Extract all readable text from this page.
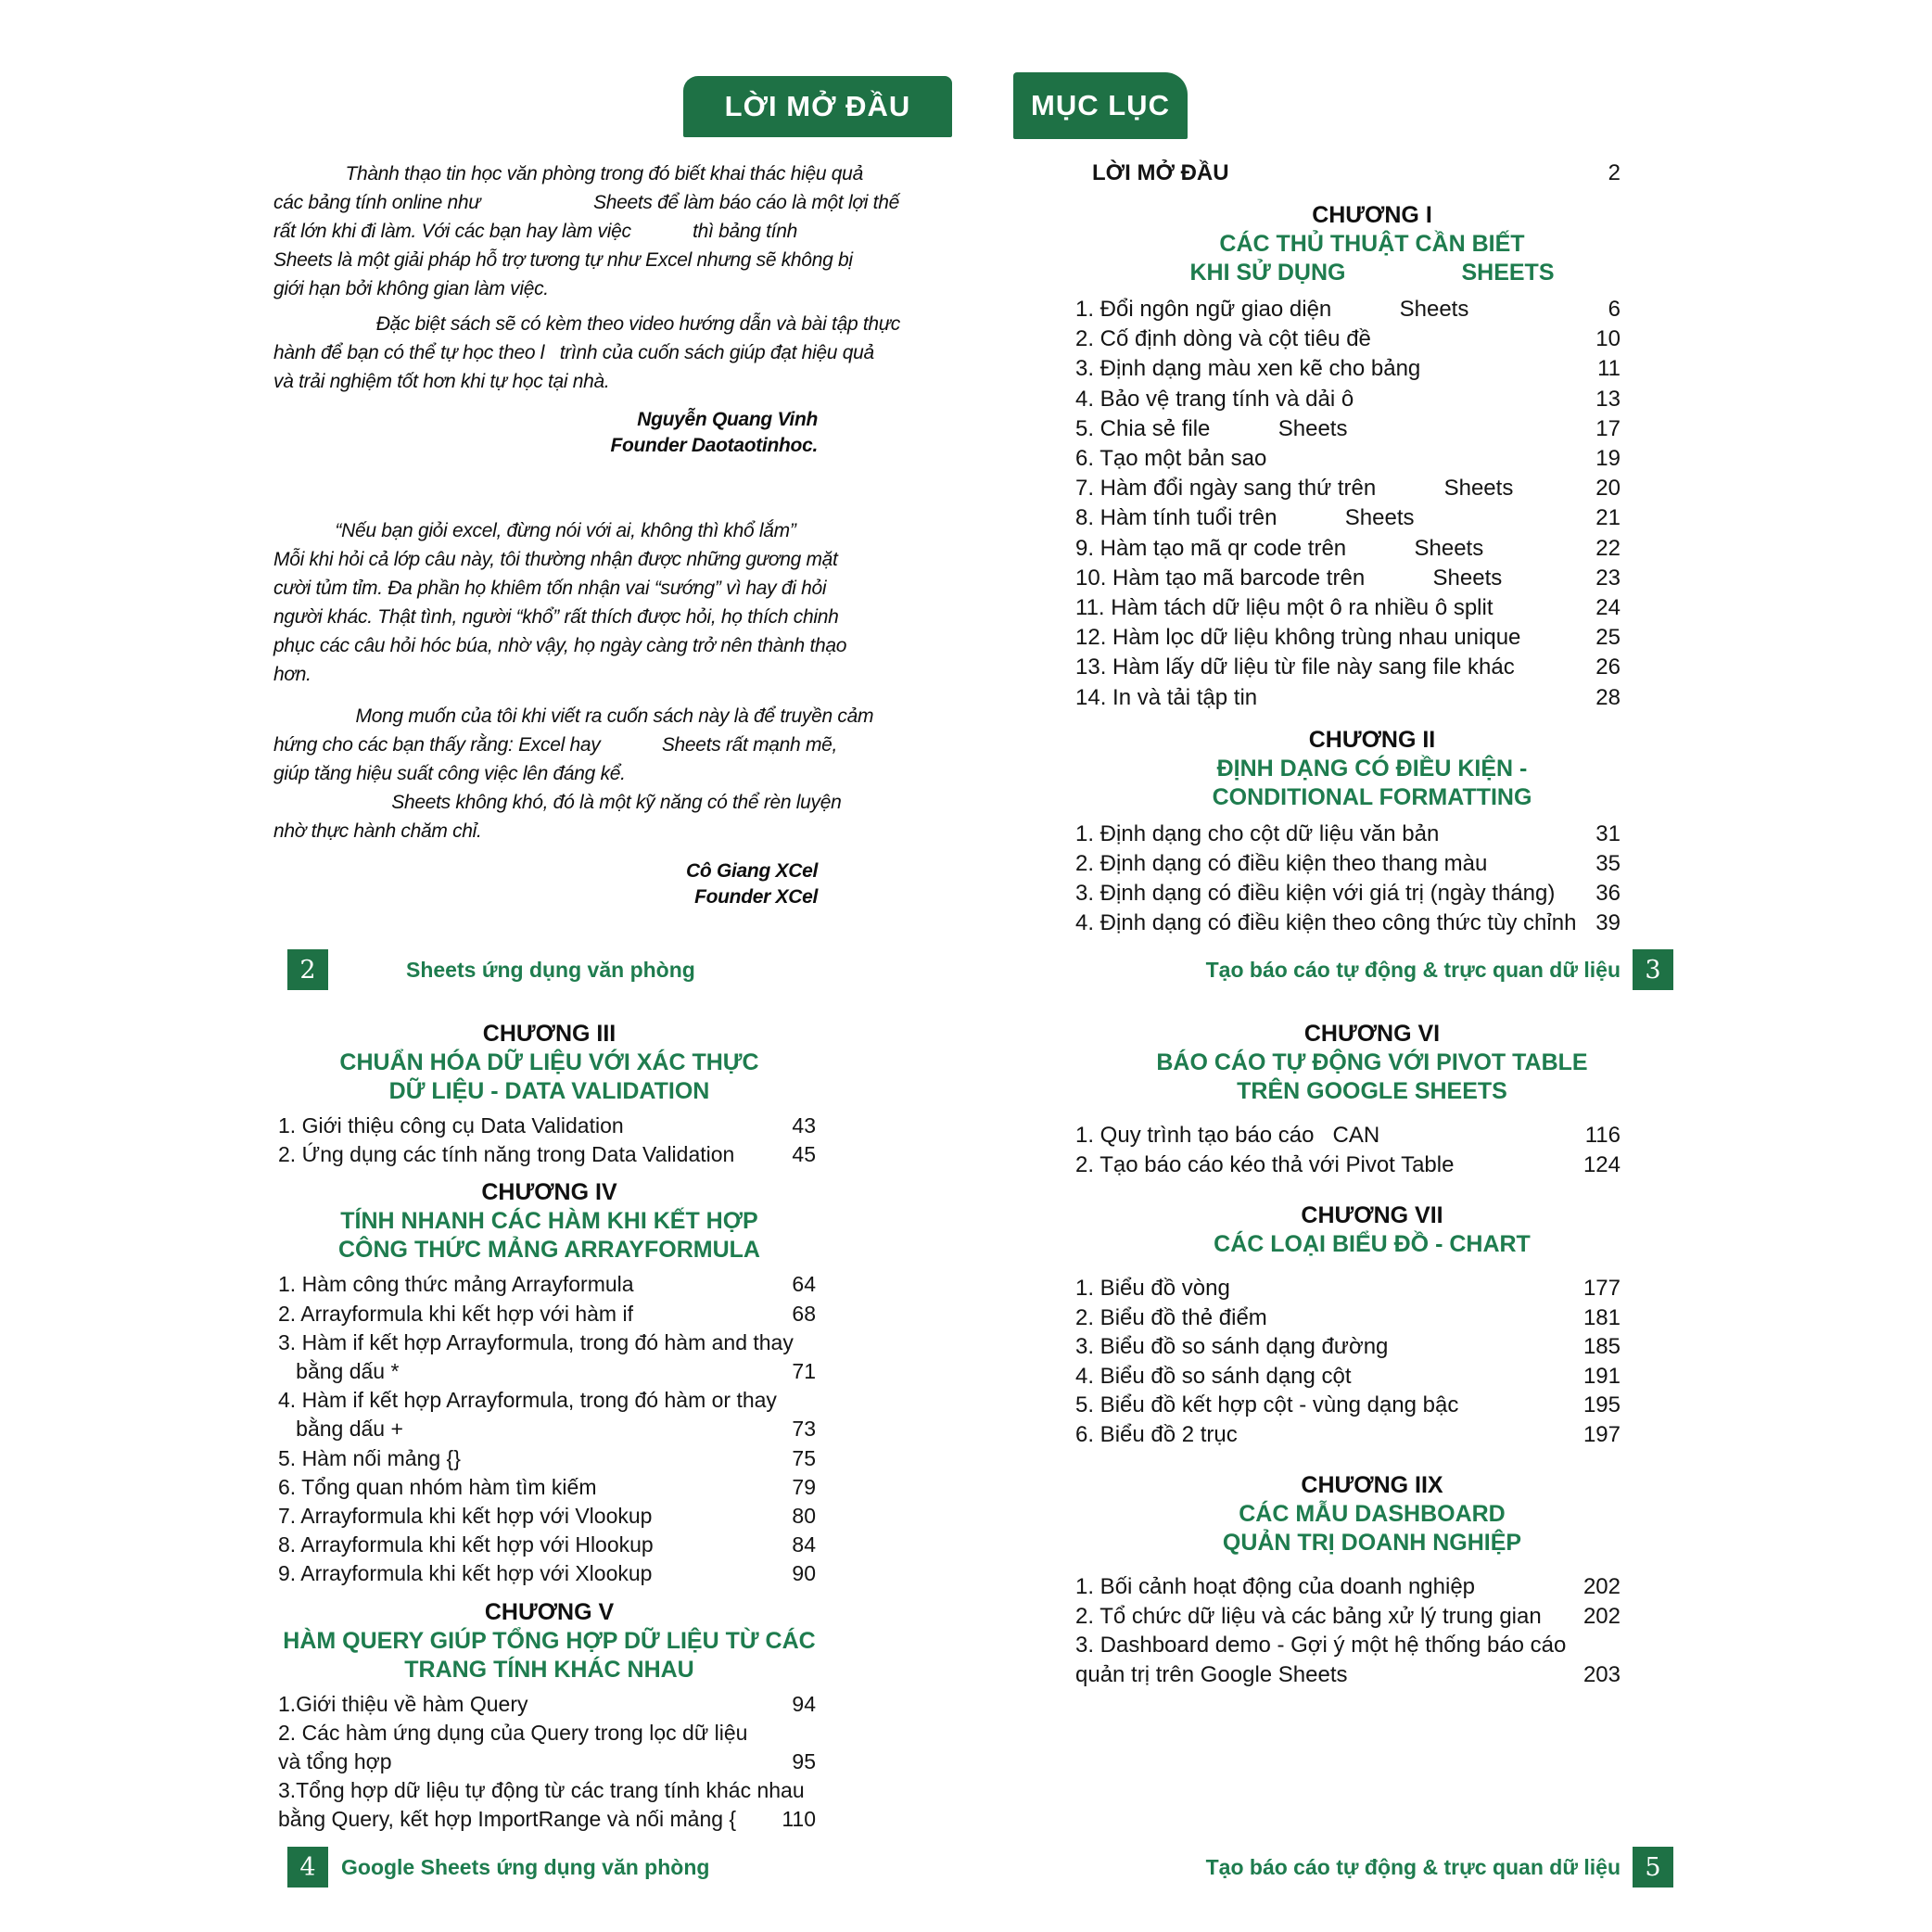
LỜI MỞ ĐẦU	MỤC LỤC
Thành thạo tin học văn phòng trong đó biết khai thác hiệu quả
các bảng tính online như                      Sheets để làm báo cáo là một lợi thế
rất lớn khi đi làm. Với các bạn hay làm việc            thì bảng tính
Sheets là một giải pháp hỗ trợ tương tự như Excel nhưng sẽ không bị
giới hạn bởi không gian làm việc.
Đặc biệt sách sẽ có kèm theo video hướng dẫn và bài tập thực
hành để bạn có thể tự học theo l   trình của cuốn sách giúp đạt hiệu quả
và trải nghiệm tốt hơn khi tự học tại nhà.
Nguyễn Quang Vinh
Founder Daotaotinhoc.
“Nếu bạn giỏi excel, đừng nói với ai, không thì khổ lắm”
Mỗi khi hỏi cả lớp câu này, tôi thường nhận được những gương mặt
cười tủm tỉm. Đa phần họ khiêm tốn nhận vai “sướng” vì hay đi hỏi
người khác. Thật tình, người “khổ” rất thích được hỏi, họ thích chinh
phục các câu hỏi hóc búa, nhờ vậy, họ ngày càng trở nên thành thạo
hơn.
Mong muốn của tôi khi viết ra cuốn sách này là để truyền cảm
hứng cho các bạn thấy rằng: Excel hay            Sheets rất mạnh mẽ,
giúp tăng hiệu suất công việc lên đáng kể.
Sheets không khó, đó là một kỹ năng có thể rèn luyện
nhờ thực hành chăm chỉ.
Cô Giang XCel
Founder XCel
LỜI MỞ ĐẦU	2
CHƯƠNG I
CÁC THỦ THUẬT CẦN BIẾT
KHI SỬ DỤNG                  SHEETS
1. Đổi ngôn ngữ giao diện           Sheets	6
2. Cố định dòng và cột tiêu đề	10
3. Định dạng màu xen kẽ cho bảng	11
4. Bảo vệ trang tính và dải ô	13
5. Chia sẻ file           Sheets	17
6. Tạo một bản sao	19
7. Hàm đổi ngày sang thứ trên           Sheets	20
8. Hàm tính tuổi trên           Sheets	21
9. Hàm tạo mã qr code trên           Sheets	22
10. Hàm tạo mã barcode trên           Sheets	23
11. Hàm tách dữ liệu một ô ra nhiều ô split	24
12. Hàm lọc dữ liệu không trùng nhau unique	25
13. Hàm lấy dữ liệu từ file này sang file khác	26
14. In và tải tập tin	28
CHƯƠNG II
ĐỊNH DẠNG CÓ ĐIỀU KIỆN -
CONDITIONAL FORMATTING
1. Định dạng cho cột dữ liệu văn bản	31
2. Định dạng có điều kiện theo thang màu	35
3. Định dạng có điều kiện với giá trị (ngày tháng)	36
4. Định dạng có điều kiện theo công thức tùy chỉnh 39
CHƯƠNG III
CHUẨN HÓA DỮ LIỆU VỚI XÁC THỰC
DỮ LIỆU - DATA VALIDATION
1. Giới thiệu công cụ Data Validation	43
2. Ứng dụng các tính năng trong Data Validation	45
CHƯƠNG IV
TÍNH NHANH CÁC HÀM KHI KẾT HỢP
CÔNG THỨC MẢNG ARRAYFORMULA
1. Hàm công thức mảng Arrayformula	64
2. Arrayformula khi kết hợp với hàm if	68
3. Hàm if kết hợp Arrayformula, trong đó hàm and thay
bằng dấu *	71
4. Hàm if kết hợp Arrayformula, trong đó hàm or thay
bằng dấu +	73
5. Hàm nối mảng {}	75
6. Tổng quan nhóm hàm tìm kiếm	79
7. Arrayformula khi kết hợp với Vlookup	80
8. Arrayformula khi kết hợp với Hlookup	84
9. Arrayformula khi kết hợp với Xlookup	90
CHƯƠNG V
HÀM QUERY GIÚP TỔNG HỢP DỮ LIỆU TỪ CÁC
TRANG TÍNH KHÁC NHAU
1.Giới thiệu về hàm Query	94
2. Các hàm ứng dụng của Query trong lọc dữ liệu
và tổng hợp	95
3.Tổng hợp dữ liệu tự động từ các trang tính khác nhau
bằng Query, kết hợp ImportRange và nối mảng {	110
CHƯƠNG VI
BÁO CÁO TỰ ĐỘNG VỚI PIVOT TABLE
TRÊN GOOGLE SHEETS
1. Quy trình tạo báo cáo   CAN	116
2. Tạo báo cáo kéo thả với Pivot Table	124
CHƯƠNG VII
CÁC LOẠI BIỂU ĐỒ - CHART
1. Biểu đồ vòng	177
2. Biểu đồ thẻ điểm	181
3. Biểu đồ so sánh dạng đường	185
4. Biểu đồ so sánh dạng cột	191
5. Biểu đồ kết hợp cột - vùng dạng bậc	195
6. Biểu đồ 2 trục	197
CHƯƠNG IIX
CÁC MẪU DASHBOARD
QUẢN TRỊ DOANH NGHIỆP
1. Bối cảnh hoạt động của doanh nghiệp	202
2. Tổ chức dữ liệu và các bảng xử lý trung gian	202
3. Dashboard demo - Gợi ý một hệ thống báo cáo
quản trị trên Google Sheets	203
2	Sheets ứng dụng văn phòng	Tạo báo cáo tự động & trực quan dữ liệu 3
4	Google Sheets ứng dụng văn phòng	Tạo báo cáo tự động & trực quan dữ liệu 5
